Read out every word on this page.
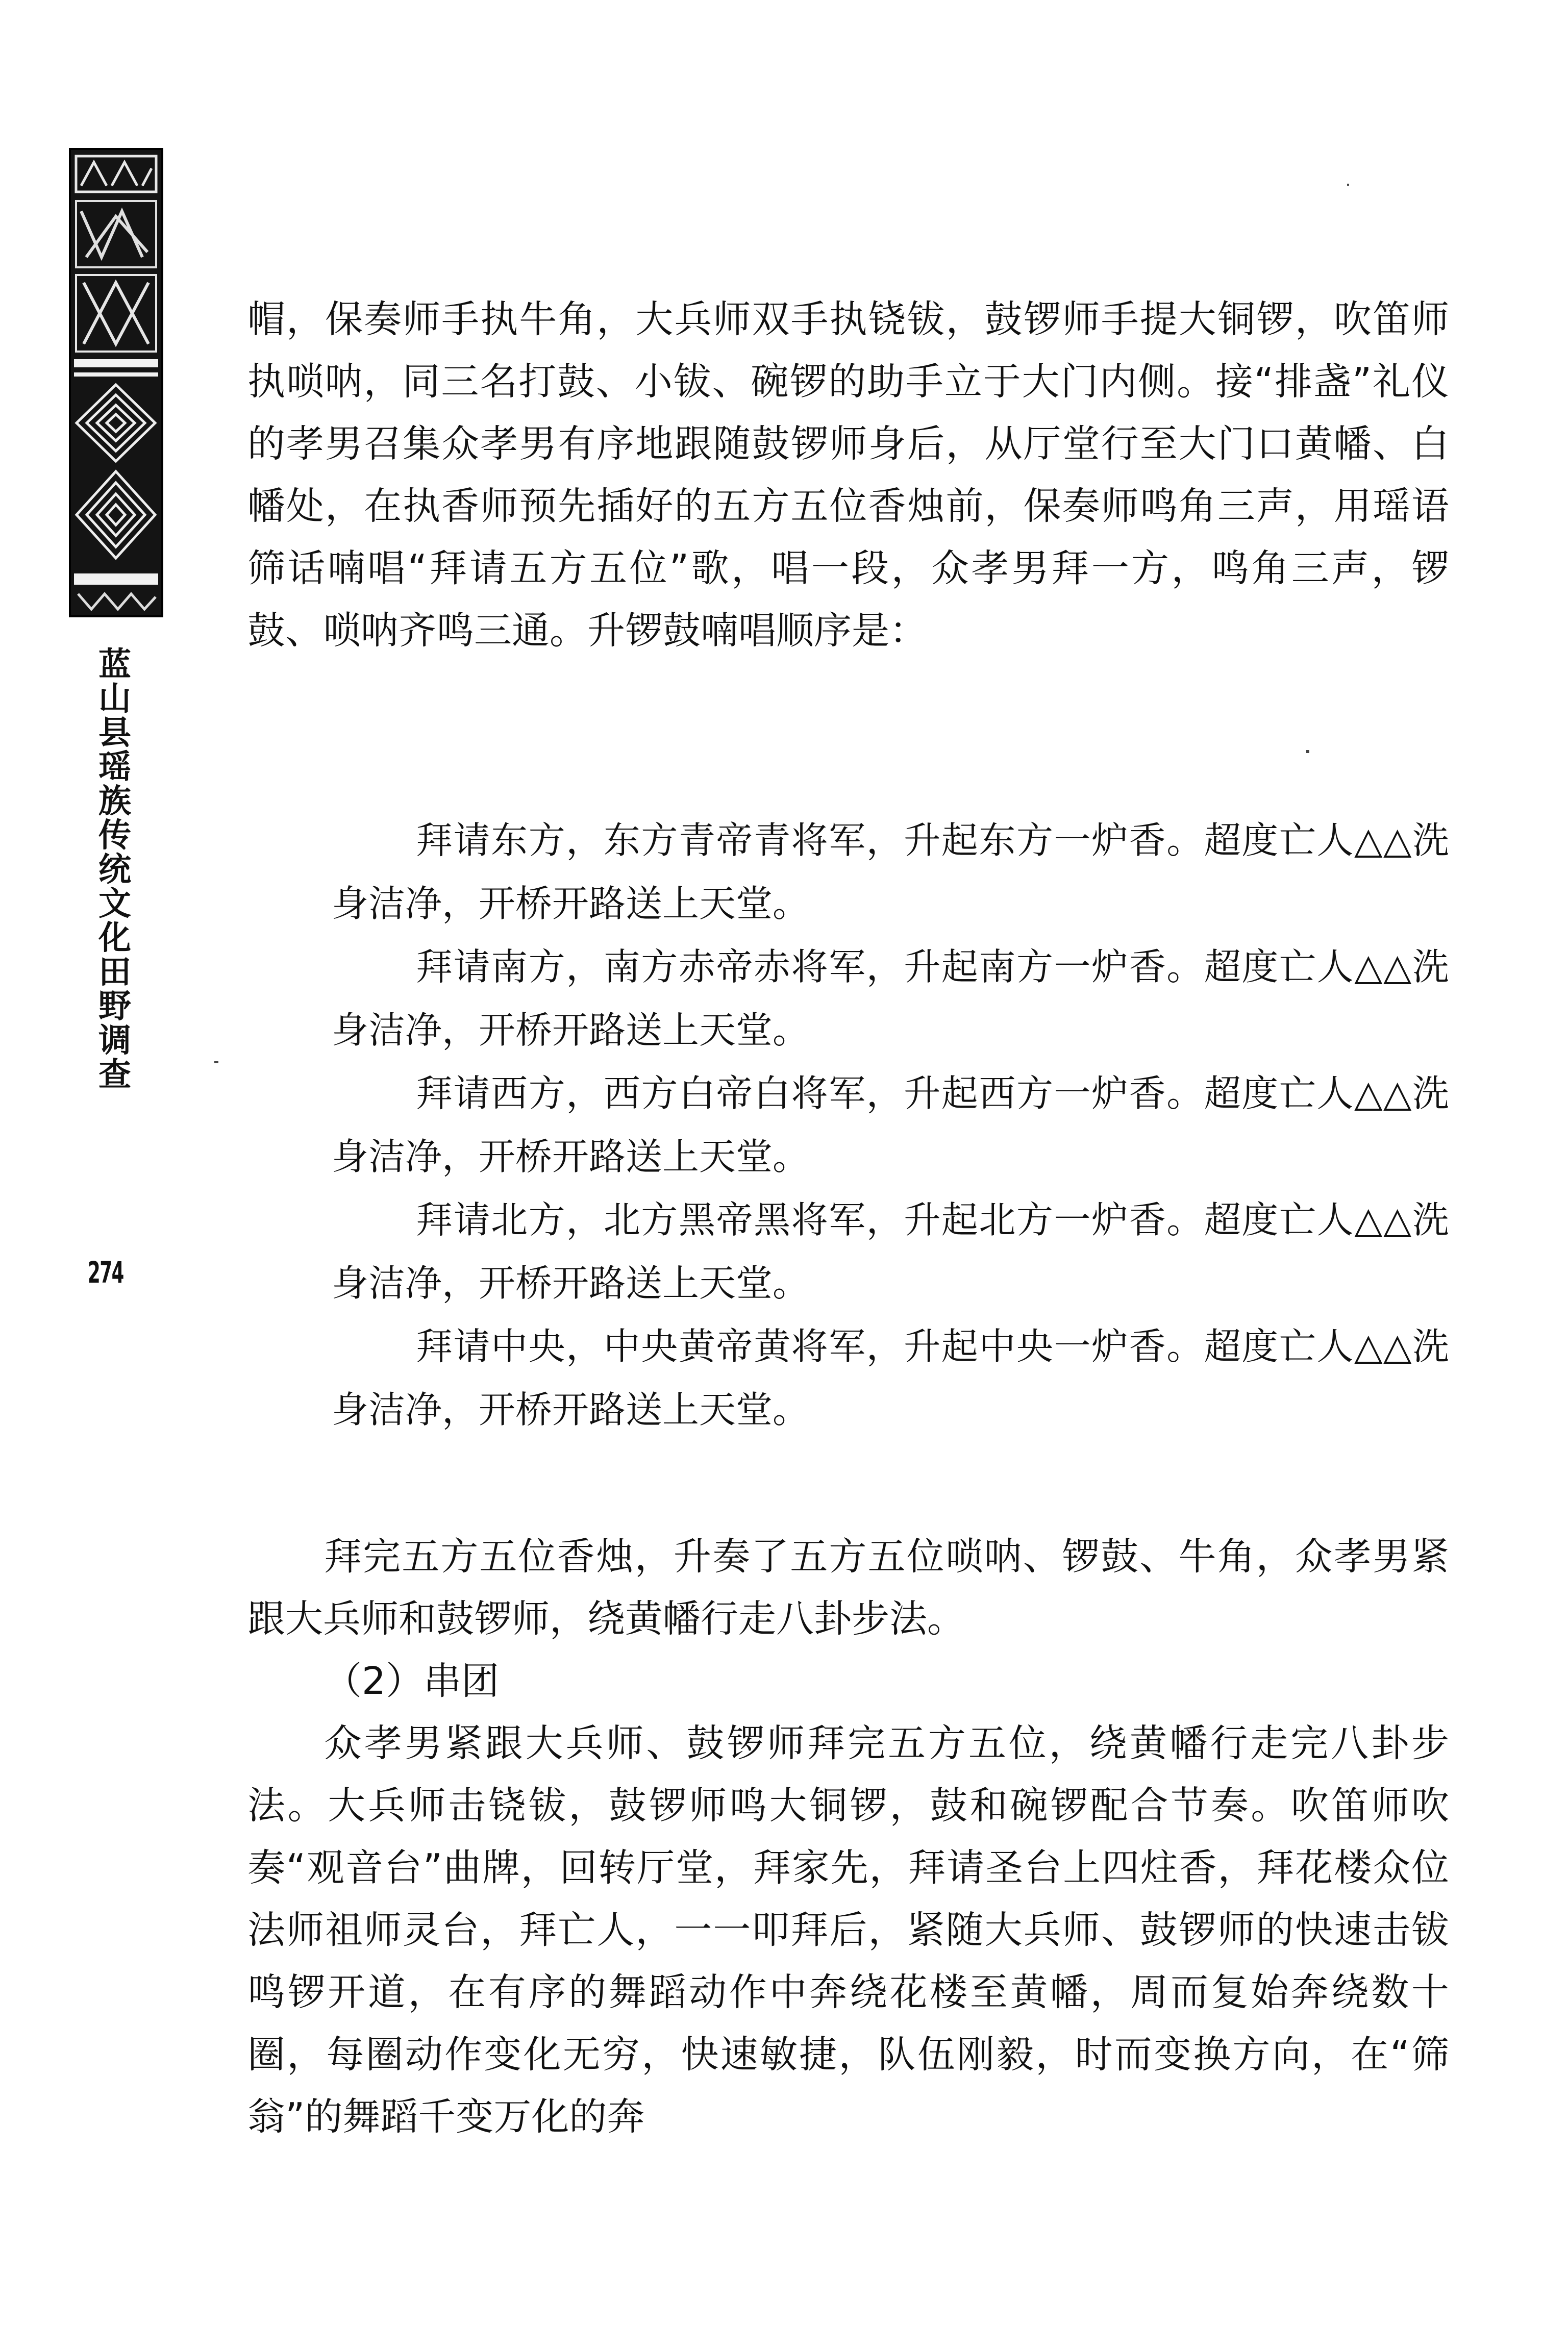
蓝
山
县
瑶
族
传
统
文
化
田
野
调
查
274

帽，保奏师手执牛角，大兵师双手执铙钹，鼓锣师手提大铜锣，吹笛师执唢呐，同三名打鼓、小钹、碗锣的助手立于大门内侧。接“排盏”礼仪的孝男召集众孝男有序地跟随鼓锣师身后，从厅堂行至大门口黄幡、白幡处，在执香师预先插好的五方五位香烛前，保奏师鸣角三声，用瑶语筛话喃唱“拜请五方五位”歌，唱一段，众孝男拜一方，鸣角三声，锣鼓、唢呐齐鸣三通。升锣鼓喃唱顺序是：

拜请东方，东方青帝青将军，升起东方一炉香。超度亡人△△洗身洁净，开桥开路送上天堂。

拜请南方，南方赤帝赤将军，升起南方一炉香。超度亡人△△洗身洁净，开桥开路送上天堂。

拜请西方，西方白帝白将军，升起西方一炉香。超度亡人△△洗身洁净，开桥开路送上天堂。

拜请北方，北方黑帝黑将军，升起北方一炉香。超度亡人△△洗身洁净，开桥开路送上天堂。

拜请中央，中央黄帝黄将军，升起中央一炉香。超度亡人△△洗身洁净，开桥开路送上天堂。

拜完五方五位香烛，升奏了五方五位唢呐、锣鼓、牛角，众孝男紧跟大兵师和鼓锣师，绕黄幡行走八卦步法。

（2）串团

众孝男紧跟大兵师、鼓锣师拜完五方五位，绕黄幡行走完八卦步法。大兵师击铙钹，鼓锣师鸣大铜锣，鼓和碗锣配合节奏。吹笛师吹奏“观音台”曲牌，回转厅堂，拜家先，拜请圣台上四炷香，拜花楼众位法师祖师灵台，拜亡人，一一叩拜后，紧随大兵师、鼓锣师的快速击钹鸣锣开道，在有序的舞蹈动作中奔绕花楼至黄幡，周而复始奔绕数十圈，每圈动作变化无穷，快速敏捷，队伍刚毅，时而变换方向，在“筛翁”的舞蹈千变万化的奔
